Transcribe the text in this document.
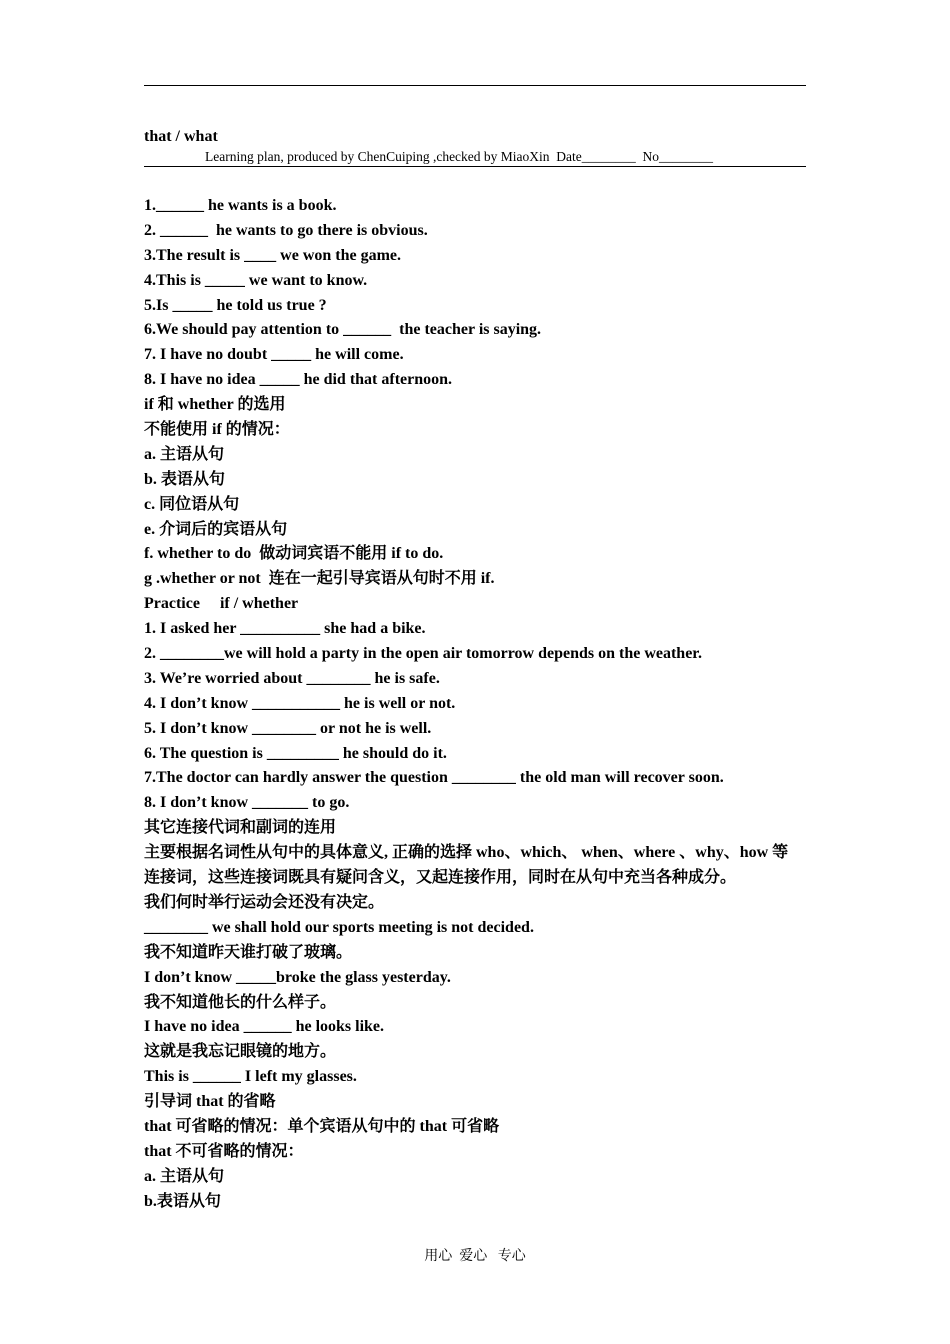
that / what
Learning plan, produced by ChenCuiping ,checked by MiaoXin  Date________  No________
1.______ he wants is a book.
2. ______  he wants to go there is obvious.
3.The result is ____ we won the game.
4.This is _____ we want to know.
5.Is _____ he told us true ?
6.We should pay attention to ______  the teacher is saying.
7. I have no doubt _____ he will come.
8. I have no idea _____ he did that afternoon.
if 和 whether 的选用
不能使用 if 的情况：
a. 主语从句
b. 表语从句
c. 同位语从句
e. 介词后的宾语从句
f. whether to do  做动词宾语不能用 if to do.
g .whether or not  连在一起引导宾语从句时不用 if.
Practice     if / whether
1. I asked her __________ she had a bike.
2. ________we will hold a party in the open air tomorrow depends on the weather.
3. We’re worried about ________ he is safe.
4. I don’t know ___________ he is well or not.
5. I don’t know ________ or not he is well.
6. The question is _________ he should do it.
7.The doctor can hardly answer the question ________ the old man will recover soon.
8. I don’t know _______ to go.
其它连接代词和副词的连用
主要根据名词性从句中的具体意义, 正确的选择 who、which、 when、where 、why、how 等
连接词，这些连接词既具有疑问含义，又起连接作用，同时在从句中充当各种成分。
我们何时举行运动会还没有决定。
________ we shall hold our sports meeting is not decided.
我不知道昨天谁打破了玻璃。
I don’t know _____broke the glass yesterday.
我不知道他长的什么样子。
I have no idea ______ he looks like.
这就是我忘记眼镜的地方。
This is ______ I left my glasses.
引导词 that 的省略
that 可省略的情况：单个宾语从句中的 that 可省略
that 不可省略的情况：
a. 主语从句
b.表语从句
用心  爱心   专心
